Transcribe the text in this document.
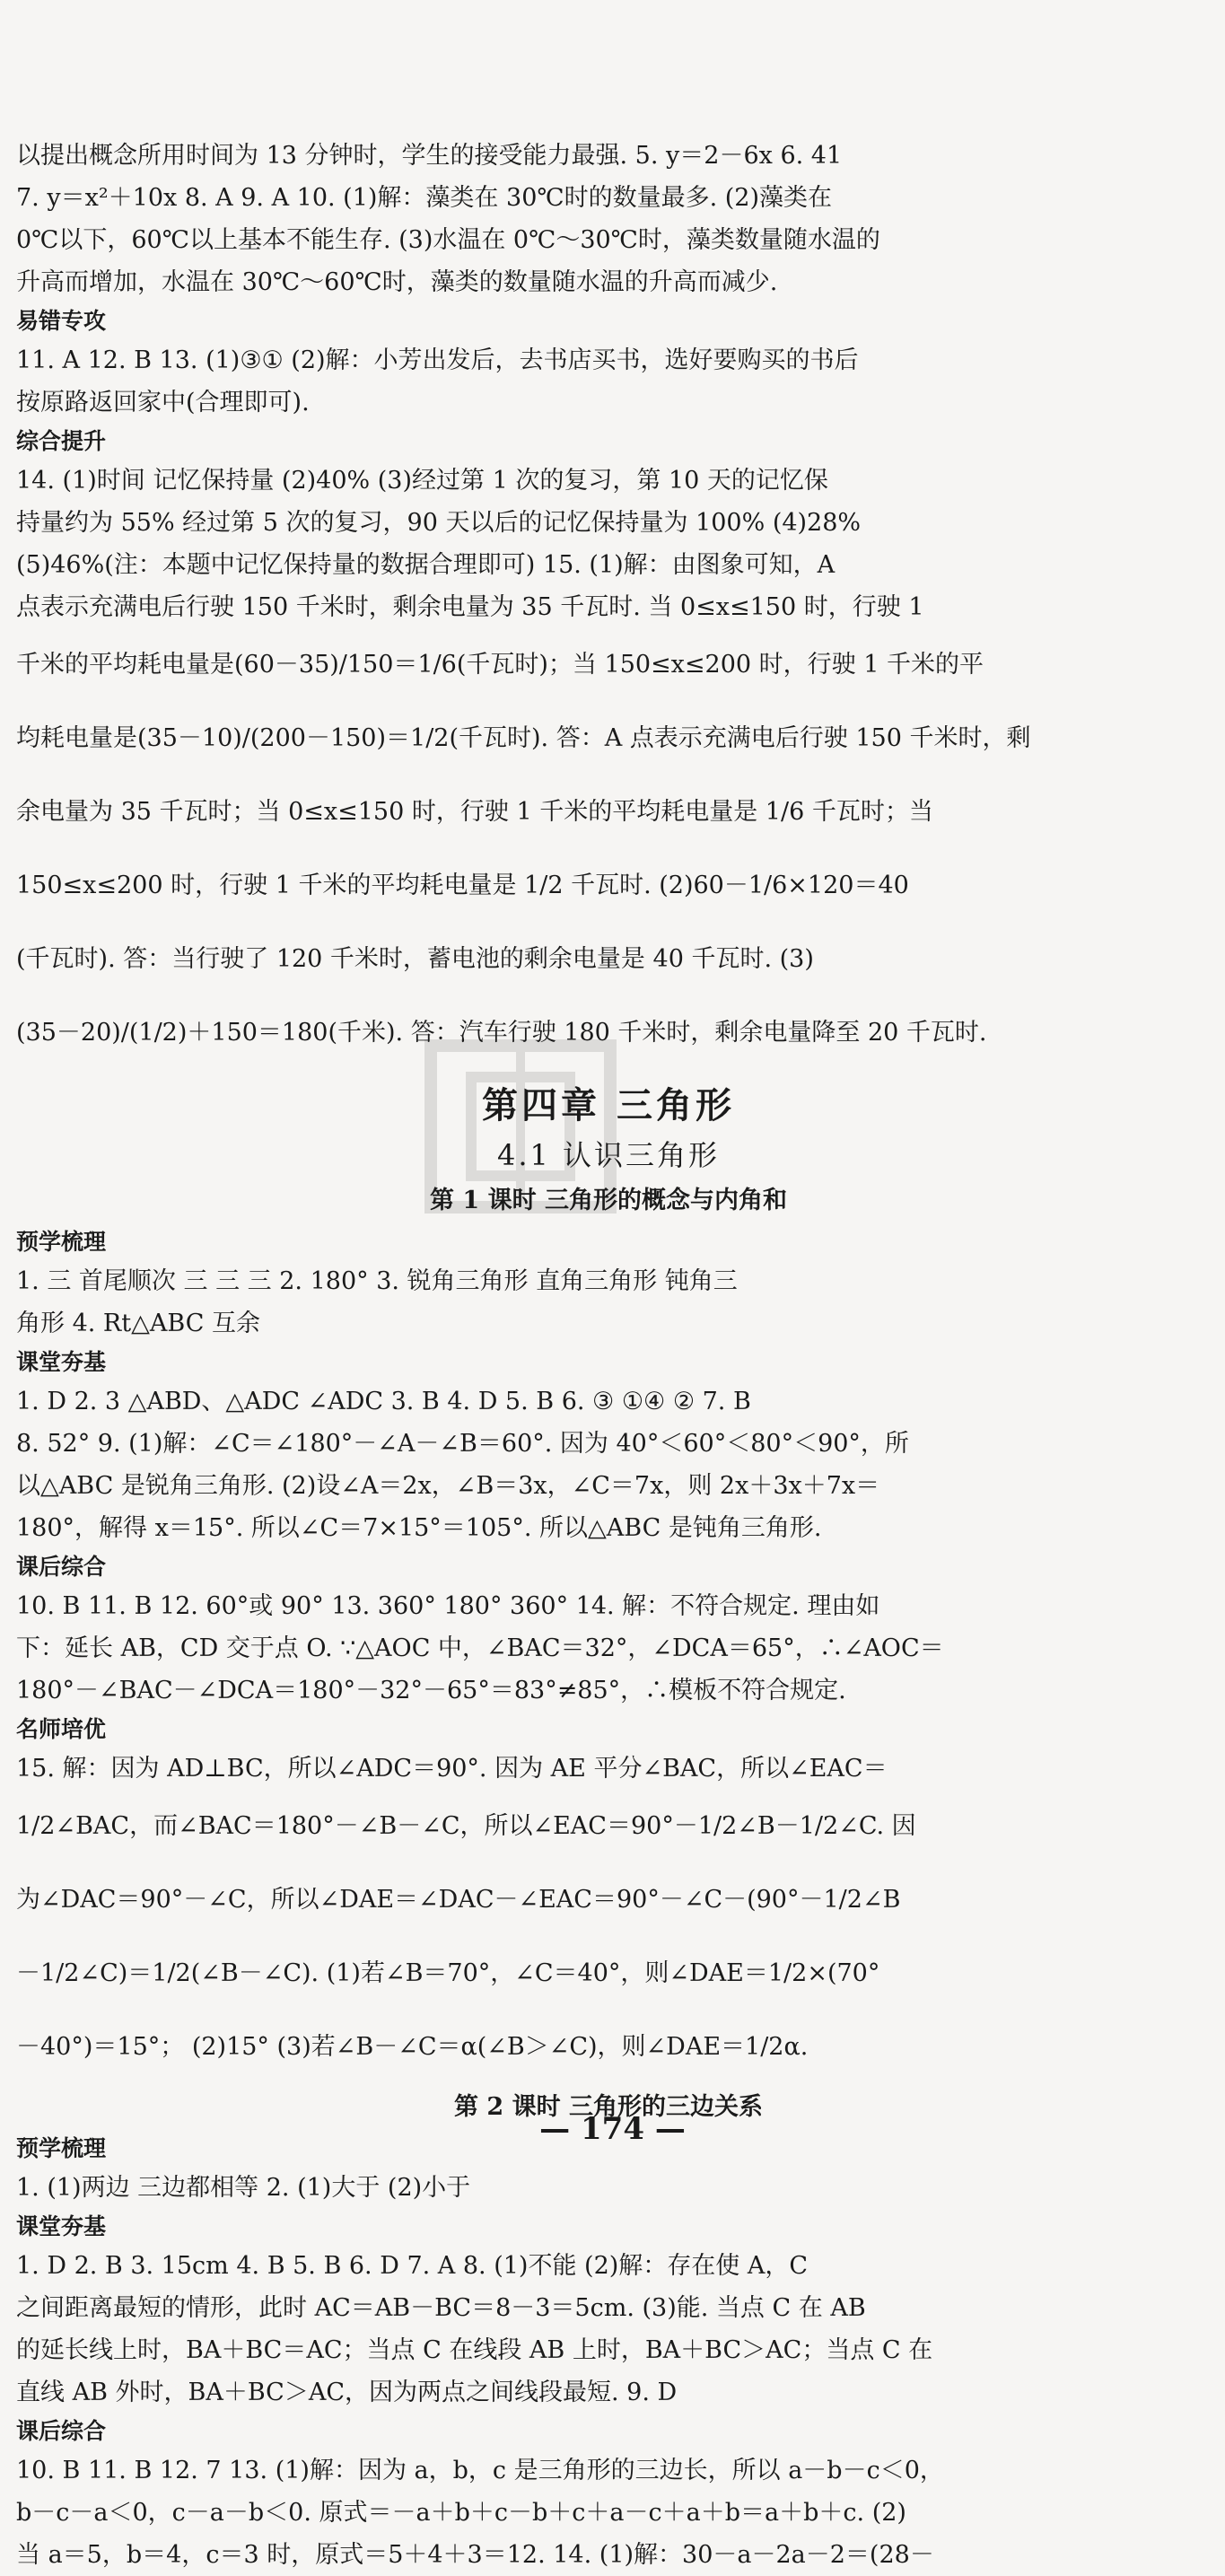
以提出概念所用时间为 13 分钟时，学生的接受能力最强. 5. y＝2－6x 6. 41
7. y＝x²＋10x 8. A 9. A 10. (1)解：藻类在 30℃时的数量最多. (2)藻类在
0℃以下，60℃以上基本不能生存. (3)水温在 0℃～30℃时，藻类数量随水温的
升高而增加，水温在 30℃～60℃时，藻类的数量随水温的升高而减少.
易错专攻
11. A 12. B 13. (1)③① (2)解：小芳出发后，去书店买书，选好要购买的书后
按原路返回家中(合理即可).
综合提升
14. (1)时间 记忆保持量 (2)40% (3)经过第 1 次的复习，第 10 天的记忆保
持量约为 55% 经过第 5 次的复习，90 天以后的记忆保持量为 100% (4)28%
(5)46%(注：本题中记忆保持量的数据合理即可) 15. (1)解：由图象可知，A
点表示充满电后行驶 150 千米时，剩余电量为 35 千瓦时. 当 0≤x≤150 时，行驶 1
千米的平均耗电量是(60－35)/150＝1/6(千瓦时)；当 150≤x≤200 时，行驶 1 千米的平
均耗电量是(35－10)/(200－150)＝1/2(千瓦时). 答：A 点表示充满电后行驶 150 千米时，剩
余电量为 35 千瓦时；当 0≤x≤150 时，行驶 1 千米的平均耗电量是 1/6 千瓦时；当
150≤x≤200 时，行驶 1 千米的平均耗电量是 1/2 千瓦时. (2)60－1/6×120＝40
(千瓦时). 答：当行驶了 120 千米时，蓄电池的剩余电量是 40 千瓦时. (3)
(35－20)/(1/2)＋150＝180(千米). 答：汽车行驶 180 千米时，剩余电量降至 20 千瓦时.
第四章 三角形
4.1 认识三角形
第 1 课时 三角形的概念与内角和
预学梳理
1. 三 首尾顺次 三 三 三 2. 180° 3. 锐角三角形 直角三角形 钝角三
角形 4. Rt△ABC 互余
课堂夯基
1. D 2. 3 △ABD、△ADC ∠ADC 3. B 4. D 5. B 6. ③ ①④ ② 7. B
8. 52° 9. (1)解：∠C＝∠180°－∠A－∠B＝60°. 因为 40°＜60°＜80°＜90°，所
以△ABC 是锐角三角形. (2)设∠A＝2x，∠B＝3x，∠C＝7x，则 2x＋3x＋7x＝
180°，解得 x＝15°. 所以∠C＝7×15°＝105°. 所以△ABC 是钝角三角形.
课后综合
10. B 11. B 12. 60°或 90° 13. 360° 180° 360° 14. 解：不符合规定. 理由如
下：延长 AB，CD 交于点 O. ∵△AOC 中，∠BAC＝32°，∠DCA＝65°，∴∠AOC＝
180°－∠BAC－∠DCA＝180°－32°－65°＝83°≠85°，∴模板不符合规定.
名师培优
15. 解：因为 AD⊥BC，所以∠ADC＝90°. 因为 AE 平分∠BAC，所以∠EAC＝
1/2∠BAC，而∠BAC＝180°－∠B－∠C，所以∠EAC＝90°－1/2∠B－1/2∠C. 因
为∠DAC＝90°－∠C，所以∠DAE＝∠DAC－∠EAC＝90°－∠C－(90°－1/2∠B
－1/2∠C)＝1/2(∠B－∠C). (1)若∠B＝70°，∠C＝40°，则∠DAE＝1/2×(70°
－40°)＝15°； (2)15° (3)若∠B－∠C＝α(∠B＞∠C)，则∠DAE＝1/2α.
第 2 课时 三角形的三边关系
预学梳理
1. (1)两边 三边都相等 2. (1)大于 (2)小于
课堂夯基
1. D 2. B 3. 15cm 4. B 5. B 6. D 7. A 8. (1)不能 (2)解：存在使 A，C
之间距离最短的情形，此时 AC＝AB－BC＝8－3＝5cm. (3)能. 当点 C 在 AB
的延长线上时，BA＋BC＝AC；当点 C 在线段 AB 上时，BA＋BC＞AC；当点 C 在
直线 AB 外时，BA＋BC＞AC，因为两点之间线段最短. 9. D
课后综合
10. B 11. B 12. 7 13. (1)解：因为 a，b，c 是三角形的三边长，所以 a－b－c＜0，
b－c－a＜0，c－a－b＜0. 原式＝－a＋b＋c－b＋c＋a－c＋a＋b＝a＋b＋c. (2)
当 a＝5，b＝4，c＝3 时，原式＝5＋4＋3＝12. 14. (1)解：30－a－2a－2＝(28－
— 174 —
